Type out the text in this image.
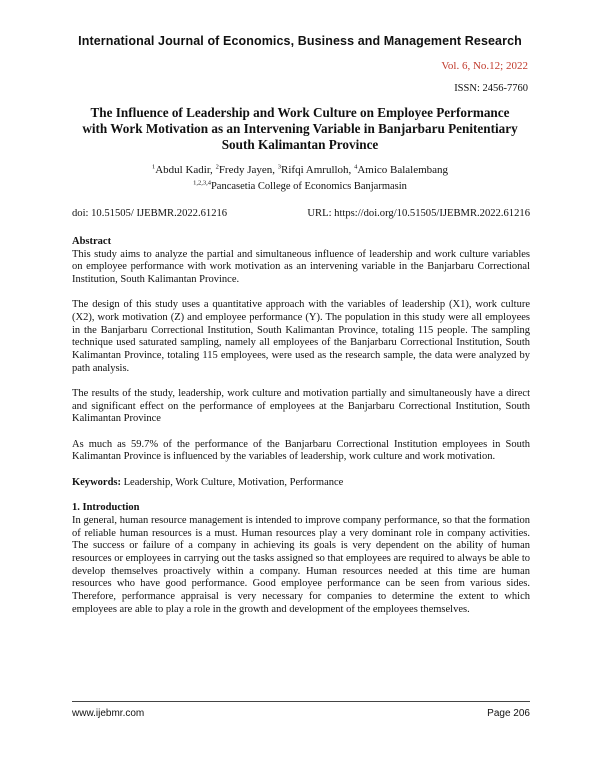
International Journal of Economics, Business and Management Research
Vol. 6, No.12; 2022
ISSN: 2456-7760
The Influence of Leadership and Work Culture on Employee Performance
with Work Motivation as an Intervening Variable in Banjarbaru Penitentiary
South Kalimantan Province
$^1$Abdul Kadir, $^2$Fredy Jayen, $^3$Rifqi Amrulloh, $^4$Amico Balalembang
$^{1,2,3,4}$Pancasetia College of Economics Banjarmasin
doi: 10.51505/ IJEBMR.2022.61216	URL: https://doi.org/10.51505/IJEBMR.2022.61216

Abstract

This study aims to analyze the partial and simultaneous influence of leadership and work culture variables on employee performance with work motivation as an intervening variable in the Banjarbaru Correctional Institution, South Kalimantan Province.

The design of this study uses a quantitative approach with the variables of leadership (X1), work culture (X2), work motivation (Z) and employee performance (Y). The population in this study were all employees in the Banjarbaru Correctional Institution, South Kalimantan Province, totaling 115 people. The sampling technique used saturated sampling, namely all employees of the Banjarbaru Correctional Institution, South Kalimantan Province, totaling 115 employees, were used as the research sample, the data were analyzed by path analysis.

The results of the study, leadership, work culture and motivation partially and simultaneously have a direct and significant effect on the performance of employees at the Banjarbaru Correctional Institution, South Kalimantan Province

As much as 59.7% of the performance of the Banjarbaru Correctional Institution employees in South Kalimantan Province is influenced by the variables of leadership, work culture and work motivation.

Keywords: Leadership, Work Culture, Motivation, Performance

1. Introduction

In general, human resource management is intended to improve company performance, so that the formation of reliable human resources is a must. Human resources play a very dominant role in company activities. The success or failure of a company in achieving its goals is very dependent on the ability of human resources or employees in carrying out the tasks assigned so that employees are required to always be able to develop themselves proactively within a company. Human resources needed at this time are human resources who have good performance. Good employee performance can be seen from various sides. Therefore, performance appraisal is very necessary for companies to determine the extent to which employees are able to play a role in the growth and development of the employees themselves.

www.ijebmr.com	Page 206
